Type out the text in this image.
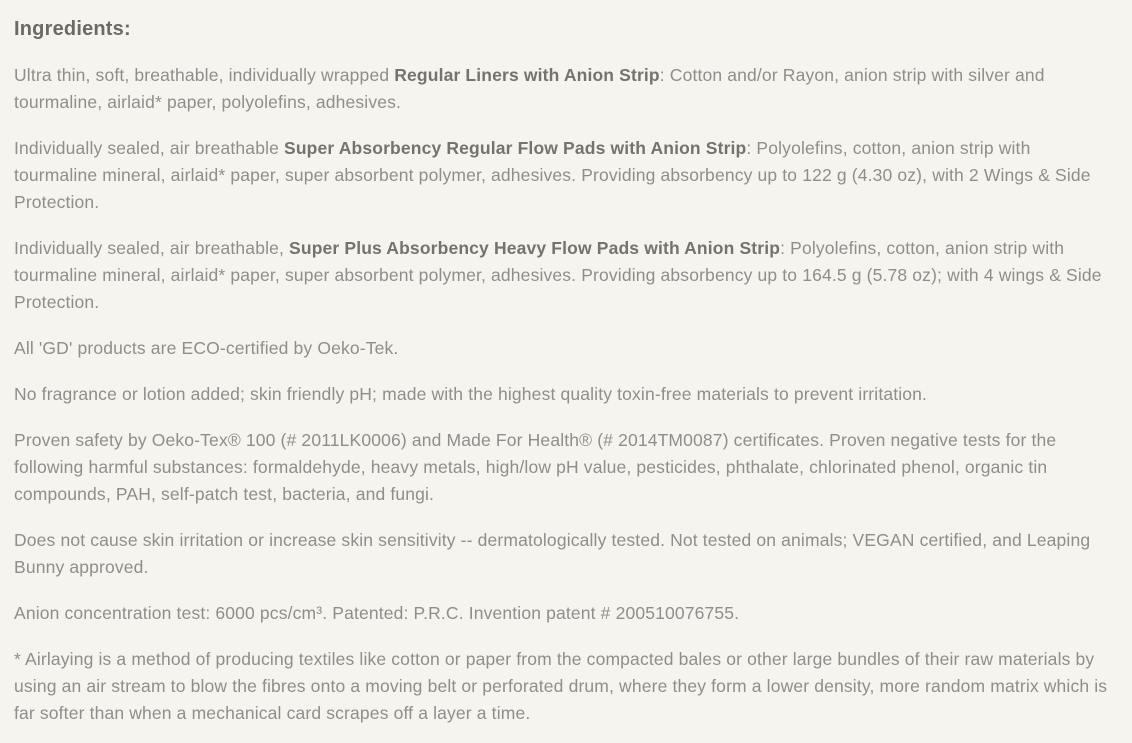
Ingredients:

Ultra thin, soft, breathable, individually wrapped Regular Liners with Anion Strip: Cotton and/or Rayon, anion strip with silver and tourmaline, airlaid* paper, polyolefins, adhesives.

Individually sealed, air breathable Super Absorbency Regular Flow Pads with Anion Strip: Polyolefins, cotton, anion strip with tourmaline mineral, airlaid* paper, super absorbent polymer, adhesives. Providing absorbency up to 122 g (4.30 oz), with 2 Wings & Side Protection.

Individually sealed, air breathable, Super Plus Absorbency Heavy Flow Pads with Anion Strip: Polyolefins, cotton, anion strip with tourmaline mineral, airlaid* paper, super absorbent polymer, adhesives. Providing absorbency up to 164.5 g (5.78 oz); with 4 wings & Side Protection.

All 'GD' products are ECO-certified by Oeko-Tek.

No fragrance or lotion added; skin friendly pH; made with the highest quality toxin-free materials to prevent irritation.

Proven safety by Oeko-Tex® 100 (# 2011LK0006) and Made For Health® (# 2014TM0087) certificates. Proven negative tests for the following harmful substances: formaldehyde, heavy metals, high/low pH value, pesticides, phthalate, chlorinated phenol, organic tin compounds, PAH, self-patch test, bacteria, and fungi.

Does not cause skin irritation or increase skin sensitivity -- dermatologically tested. Not tested on animals; VEGAN certified, and Leaping Bunny approved.

Anion concentration test: 6000 pcs/cm³. Patented: P.R.C. Invention patent # 200510076755.

* Airlaying is a method of producing textiles like cotton or paper from the compacted bales or other large bundles of their raw materials by using an air stream to blow the fibres onto a moving belt or perforated drum, where they form a lower density, more random matrix which is far softer than when a mechanical card scrapes off a layer a time.
